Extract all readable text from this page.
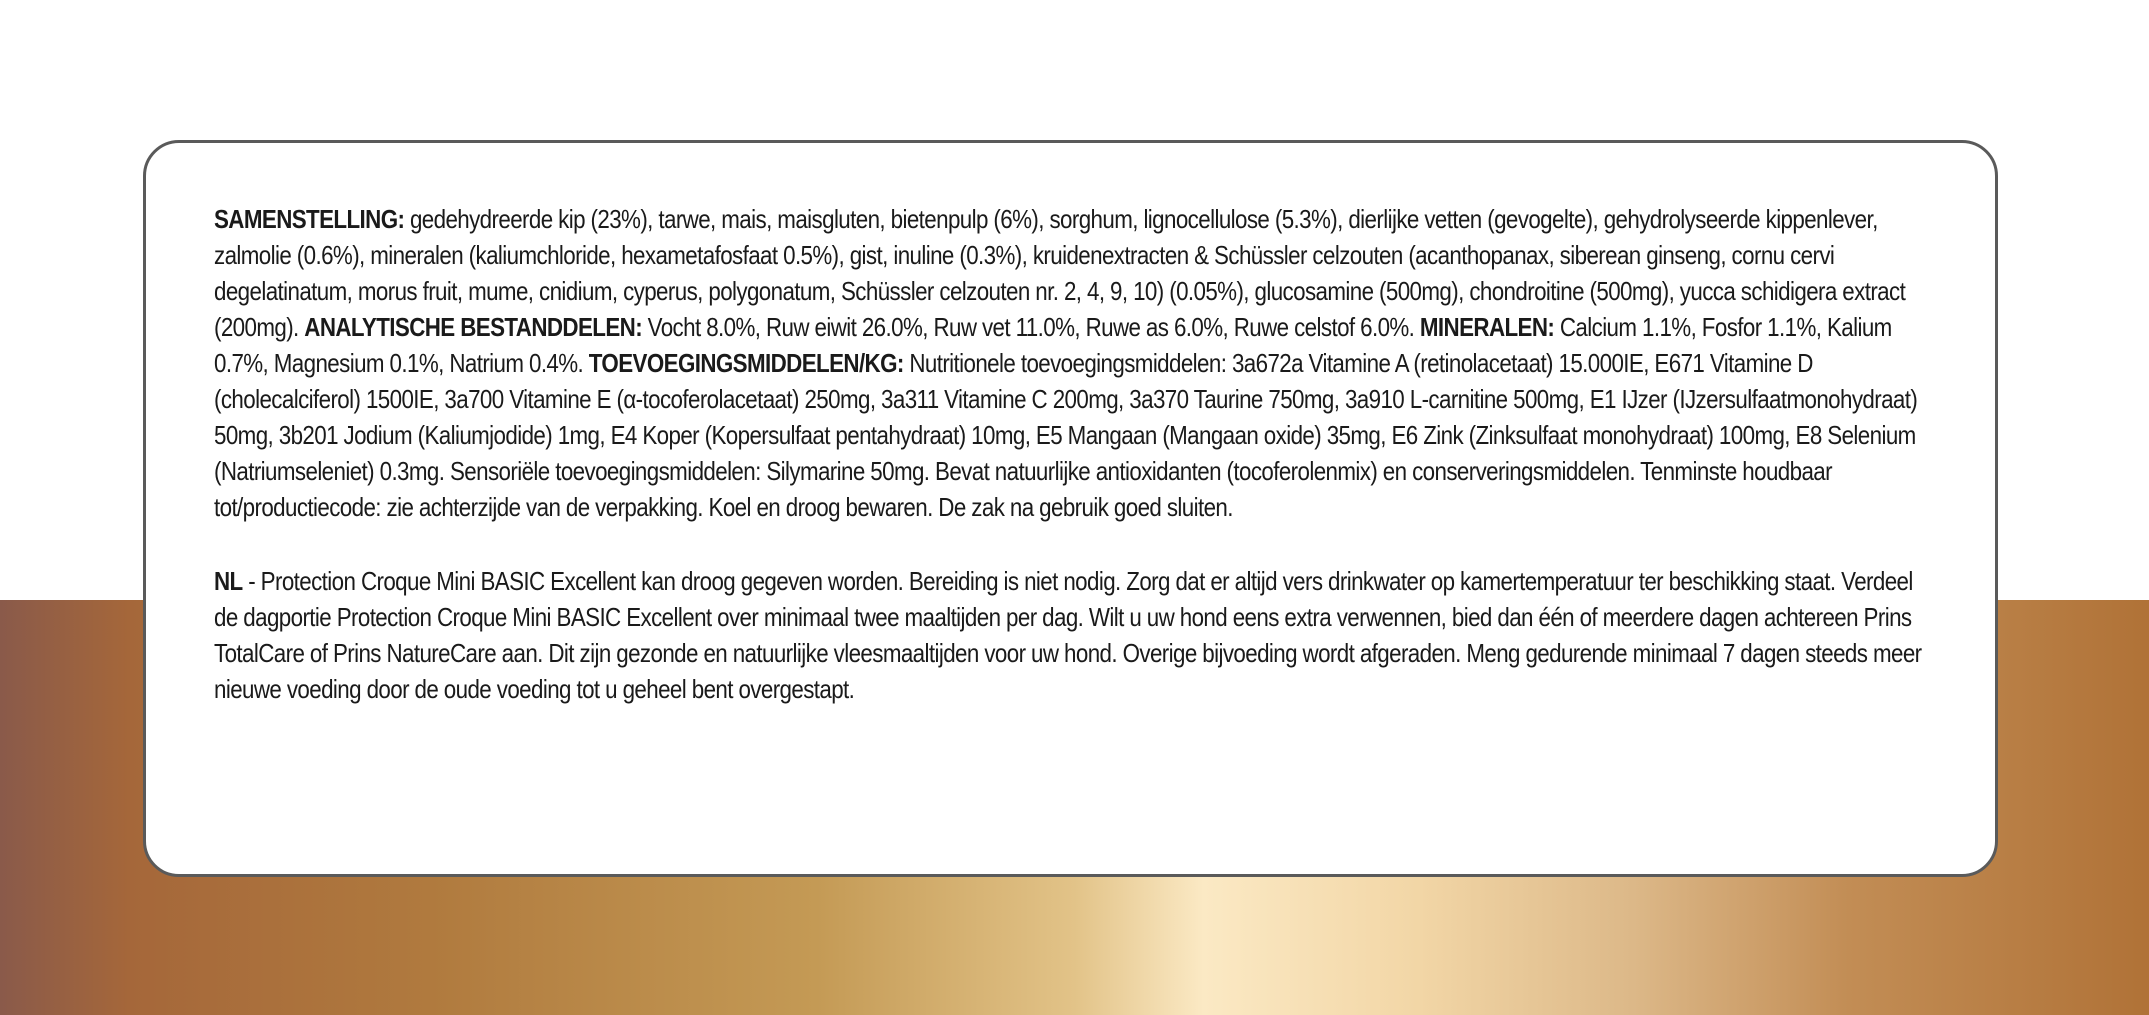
SAMENSTELLING: gedehydreerde kip (23%), tarwe, mais, maisgluten, bietenpulp (6%), sorghum, lignocellulose (5.3%), dierlijke vetten (gevogelte), gehydrolyseerde kippenlever, zalmolie (0.6%), mineralen (kaliumchloride, hexametafosfaat 0.5%), gist, inuline (0.3%), kruidenextracten & Schüssler celzouten (acanthopanax, siberean ginseng, cornu cervi degelatinatum, morus fruit, mume, cnidium, cyperus, polygonatum, Schüssler celzouten nr. 2, 4, 9, 10) (0.05%), glucosamine (500mg), chondroitine (500mg), yucca schidigera extract (200mg). ANALYTISCHE BESTANDDELEN: Vocht 8.0%, Ruw eiwit 26.0%, Ruw vet 11.0%, Ruwe as 6.0%, Ruwe celstof 6.0%. MINERALEN: Calcium 1.1%, Fosfor 1.1%, Kalium 0.7%, Magnesium 0.1%, Natrium 0.4%. TOEVOEGINGSMIDDELEN/KG: Nutritionele toevoegingsmiddelen: 3a672a Vitamine A (retinolacetaat) 15.000IE, E671 Vitamine D (cholecalciferol) 1500IE, 3a700 Vitamine E (α-tocoferolacetaat) 250mg, 3a311 Vitamine C 200mg, 3a370 Taurine 750mg, 3a910 L-carnitine 500mg, E1 IJzer (IJzersulfaatmonohydraat) 50mg, 3b201 Jodium (Kaliumjodide) 1mg, E4 Koper (Kopersulfaat pentahydraat) 10mg, E5 Mangaan (Mangaan oxide) 35mg, E6 Zink (Zinksulfaat monohydraat) 100mg, E8 Selenium (Natriumseleniet) 0.3mg. Sensoriële toevoegingsmiddelen: Silymarine 50mg. Bevat natuurlijke antioxidanten (tocoferolenmix) en conserveringsmiddelen. Tenminste houdbaar tot/productiecode: zie achterzijde van de verpakking. Koel en droog bewaren. De zak na gebruik goed sluiten.

NL - Protection Croque Mini BASIC Excellent kan droog gegeven worden. Bereiding is niet nodig. Zorg dat er altijd vers drinkwater op kamertemperatuur ter beschikking staat. Verdeel de dagportie Protection Croque Mini BASIC Excellent over minimaal twee maaltijden per dag. Wilt u uw hond eens extra verwennen, bied dan één of meerdere dagen achtereen Prins TotalCare of Prins NatureCare aan. Dit zijn gezonde en natuurlijke vleesmaaltijden voor uw hond. Overige bijvoeding wordt afgeraden. Meng gedurende minimaal 7 dagen steeds meer nieuwe voeding door de oude voeding tot u geheel bent overgestapt.
